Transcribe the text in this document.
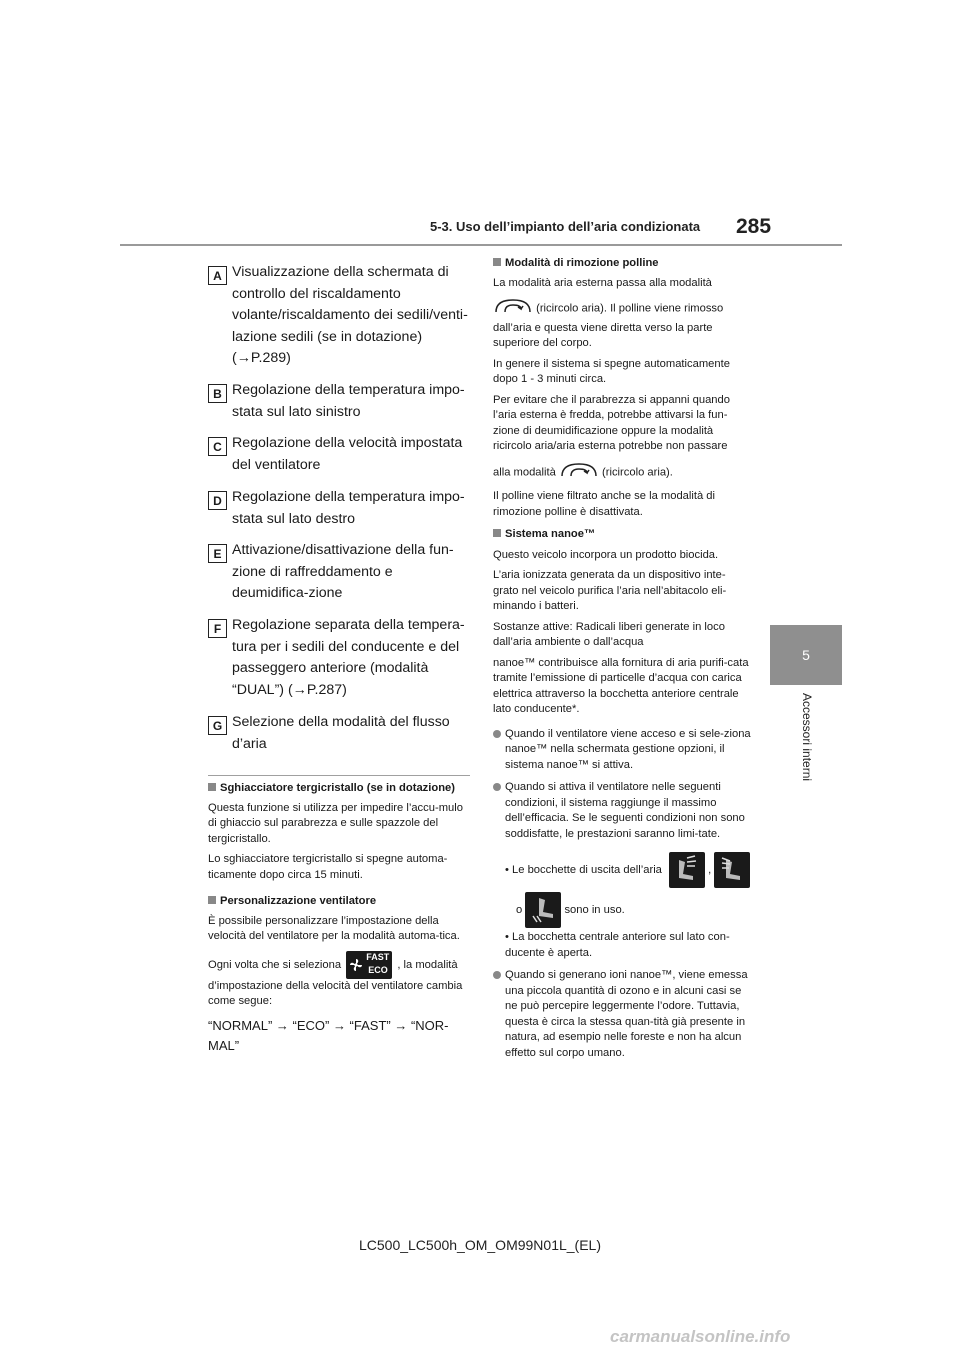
5-3. Uso dell’impianto dell’aria condizionata 285
5
Accessori interni
A Visualizzazione della schermata di controllo del riscaldamento volante/riscaldamento dei sedili/venti-lazione sedili (se in dotazione) (→P.289)
B Regolazione della temperatura impo-stata sul lato sinistro
C Regolazione della velocità impostata del ventilatore
D Regolazione della temperatura impo-stata sul lato destro
E Attivazione/disattivazione della fun-zione di raffreddamento e deumidifica-zione
F Regolazione separata della tempera-tura per i sedili del conducente e del passeggero anteriore (modalità “DUAL”) (→P.287)
G Selezione della modalità del flusso d’aria

Sghiacciatore tergicristallo (se in dotazione)

Questa funzione si utilizza per impedire l’accu-mulo di ghiaccio sul parabrezza e sulle spazzole del tergicristallo.

Lo sghiacciatore tergicristallo si spegne automa-ticamente dopo circa 15 minuti.

Personalizzazione ventilatore

È possibile personalizzare l’impostazione della velocità del ventilatore per la modalità automa-tica.

Ogni volta che si seleziona
FAST
ECO , la modalità d’impostazione della velocità del ventilatore cambia come segue:

“NORMAL” → “ECO” → “FAST” → “NOR-MAL”

Modalità di rimozione polline

La modalità aria esterna passa alla modalità

(ricircolo aria). Il polline viene rimosso dall’aria e questa viene diretta verso la parte superiore del corpo.

In genere il sistema si spegne automaticamente dopo 1 - 3 minuti circa.

Per evitare che il parabrezza si appanni quando l’aria esterna è fredda, potrebbe attivarsi la fun-zione di deumidificazione oppure la modalità ricircolo aria/aria esterna potrebbe non passare

alla modalità	(ricircolo aria).

Il polline viene filtrato anche se la modalità di rimozione polline è disattivata.

Sistema nanoe™

Questo veicolo incorpora un prodotto biocida.

L’aria ionizzata generata da un dispositivo inte-grato nel veicolo purifica l’aria nell’abitacolo eli-minando i batteri.

Sostanze attive: Radicali liberi generate in loco dall’aria ambiente o dall’acqua

nanoe™ contribuisce alla fornitura di aria purifi-cata tramite l’emissione di particelle d’acqua con carica elettrica attraverso la bocchetta anteriore centrale lato conducente*.

Quando il ventilatore viene acceso e si sele-ziona nanoe™ nella schermata gestione opzioni, il sistema nanoe™ si attiva.

Quando si attiva il ventilatore nelle seguenti condizioni, il sistema raggiunge il massimo dell’efficacia. Se le seguenti condizioni non sono soddisfatte, le prestazioni saranno limi-tate.

• Le bocchette di uscita dell’aria	,

o	sono in uso.

• La bocchetta centrale anteriore sul lato con-ducente è aperta.

Quando si generano ioni nanoe™, viene emessa una piccola quantità di ozono e in alcuni casi se ne può percepire leggermente l’odore. Tuttavia, questa è circa la stessa quan-tità già presente in natura, ad esempio nelle foreste e non ha alcun effetto sul corpo umano.

LC500_LC500h_OM_OM99N01L_(EL)
carmanualsonline.info
